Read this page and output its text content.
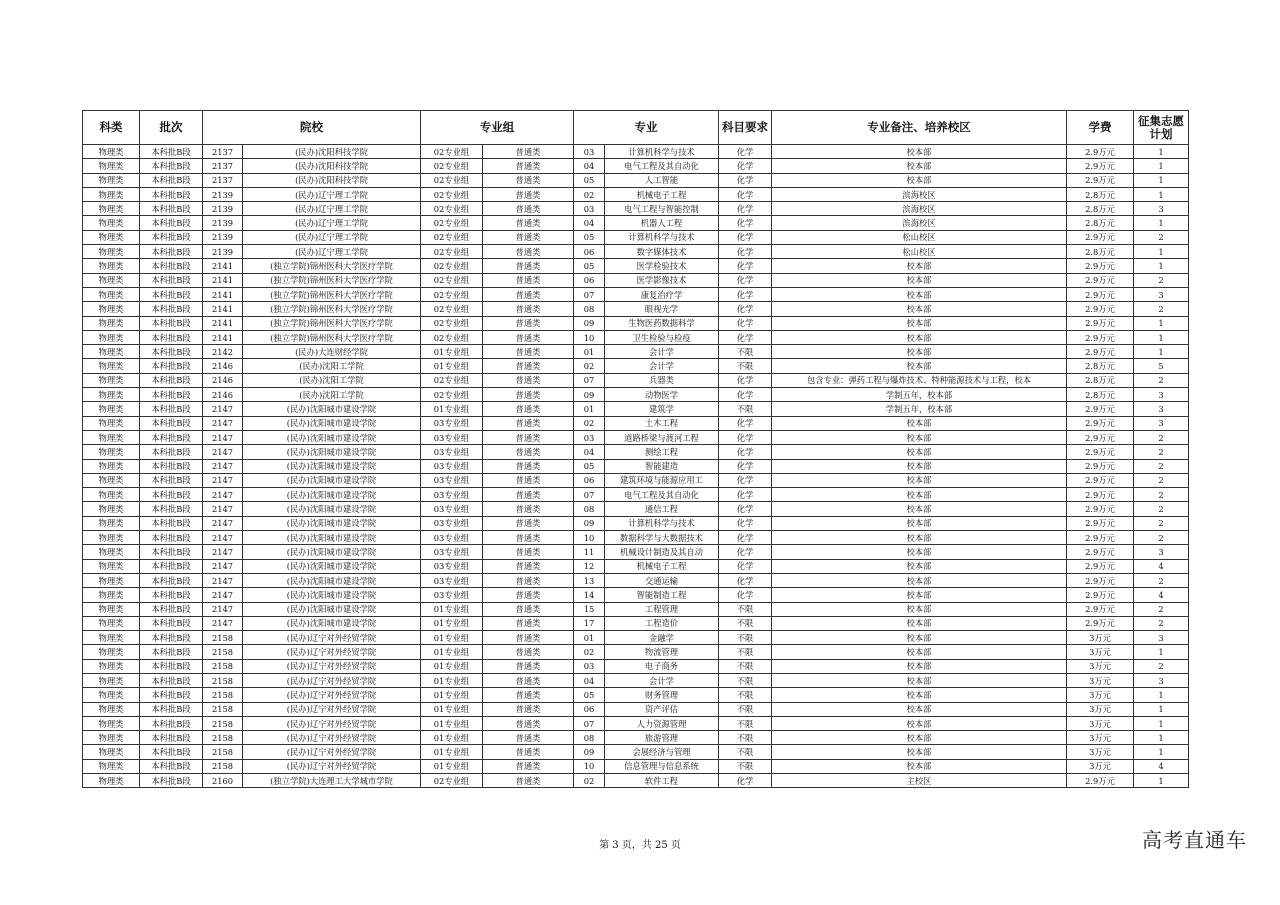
科类	批次	院校		专业组		专业		科目要求	专业备注、培养校区	学费	征集志愿计划
物理类	本科批B段	2137	(民办)沈阳科技学院	02专业组	普通类	03	计算机科学与技术	化学	校本部	2.9万元	1
物理类	本科批B段	2137	(民办)沈阳科技学院	02专业组	普通类	04	电气工程及其自动化	化学	校本部	2.9万元	1
物理类	本科批B段	2137	(民办)沈阳科技学院	02专业组	普通类	05	人工智能	化学	校本部	2.9万元	1
物理类	本科批B段	2139	(民办)辽宁理工学院	02专业组	普通类	02	机械电子工程	化学	滨海校区	2.8万元	1
物理类	本科批B段	2139	(民办)辽宁理工学院	02专业组	普通类	03	电气工程与智能控制	化学	滨海校区	2.8万元	3
物理类	本科批B段	2139	(民办)辽宁理工学院	02专业组	普通类	04	机器人工程	化学	滨海校区	2.8万元	1
物理类	本科批B段	2139	(民办)辽宁理工学院	02专业组	普通类	05	计算机科学与技术	化学	松山校区	2.9万元	2
物理类	本科批B段	2139	(民办)辽宁理工学院	02专业组	普通类	06	数字媒体技术	化学	松山校区	2.8万元	1
物理类	本科批B段	2141	(独立学院)锦州医科大学医疗学院	02专业组	普通类	05	医学检验技术	化学	校本部	2.9万元	1
物理类	本科批B段	2141	(独立学院)锦州医科大学医疗学院	02专业组	普通类	06	医学影像技术	化学	校本部	2.9万元	2
物理类	本科批B段	2141	(独立学院)锦州医科大学医疗学院	02专业组	普通类	07	康复治疗学	化学	校本部	2.9万元	3
物理类	本科批B段	2141	(独立学院)锦州医科大学医疗学院	02专业组	普通类	08	眼视光学	化学	校本部	2.9万元	2
物理类	本科批B段	2141	(独立学院)锦州医科大学医疗学院	02专业组	普通类	09	生物医药数据科学	化学	校本部	2.9万元	1
物理类	本科批B段	2141	(独立学院)锦州医科大学医疗学院	02专业组	普通类	10	卫生检验与检疫	化学	校本部	2.9万元	1
物理类	本科批B段	2142	(民办)大连财经学院	01专业组	普通类	01	会计学	不限	校本部	2.9万元	1
物理类	本科批B段	2146	(民办)沈阳工学院	01专业组	普通类	02	会计学	不限	校本部	2.8万元	5
物理类	本科批B段	2146	(民办)沈阳工学院	02专业组	普通类	07	兵器类	化学	包含专业：弹药工程与爆炸技术、特种能源技术与工程，校本	2.8万元	2
物理类	本科批B段	2146	(民办)沈阳工学院	02专业组	普通类	09	动物医学	化学	学制五年，校本部	2.8万元	3
物理类	本科批B段	2147	(民办)沈阳城市建设学院	01专业组	普通类	01	建筑学	不限	学制五年，校本部	2.9万元	3
物理类	本科批B段	2147	(民办)沈阳城市建设学院	03专业组	普通类	02	土木工程	化学	校本部	2.9万元	3
物理类	本科批B段	2147	(民办)沈阳城市建设学院	03专业组	普通类	03	道路桥梁与渡河工程	化学	校本部	2.9万元	2
物理类	本科批B段	2147	(民办)沈阳城市建设学院	03专业组	普通类	04	测绘工程	化学	校本部	2.9万元	2
物理类	本科批B段	2147	(民办)沈阳城市建设学院	03专业组	普通类	05	智能建造	化学	校本部	2.9万元	2
物理类	本科批B段	2147	(民办)沈阳城市建设学院	03专业组	普通类	06	建筑环境与能源应用工	化学	校本部	2.9万元	2
物理类	本科批B段	2147	(民办)沈阳城市建设学院	03专业组	普通类	07	电气工程及其自动化	化学	校本部	2.9万元	2
物理类	本科批B段	2147	(民办)沈阳城市建设学院	03专业组	普通类	08	通信工程	化学	校本部	2.9万元	2
物理类	本科批B段	2147	(民办)沈阳城市建设学院	03专业组	普通类	09	计算机科学与技术	化学	校本部	2.9万元	2
物理类	本科批B段	2147	(民办)沈阳城市建设学院	03专业组	普通类	10	数据科学与大数据技术	化学	校本部	2.9万元	2
物理类	本科批B段	2147	(民办)沈阳城市建设学院	03专业组	普通类	11	机械设计制造及其自动	化学	校本部	2.9万元	3
物理类	本科批B段	2147	(民办)沈阳城市建设学院	03专业组	普通类	12	机械电子工程	化学	校本部	2.9万元	4
物理类	本科批B段	2147	(民办)沈阳城市建设学院	03专业组	普通类	13	交通运输	化学	校本部	2.9万元	2
物理类	本科批B段	2147	(民办)沈阳城市建设学院	03专业组	普通类	14	智能制造工程	化学	校本部	2.9万元	4
物理类	本科批B段	2147	(民办)沈阳城市建设学院	01专业组	普通类	15	工程管理	不限	校本部	2.9万元	2
物理类	本科批B段	2147	(民办)沈阳城市建设学院	01专业组	普通类	17	工程造价	不限	校本部	2.9万元	2
物理类	本科批B段	2158	(民办)辽宁对外经贸学院	01专业组	普通类	01	金融学	不限	校本部	3万元	3
物理类	本科批B段	2158	(民办)辽宁对外经贸学院	01专业组	普通类	02	物流管理	不限	校本部	3万元	1
物理类	本科批B段	2158	(民办)辽宁对外经贸学院	01专业组	普通类	03	电子商务	不限	校本部	3万元	2
物理类	本科批B段	2158	(民办)辽宁对外经贸学院	01专业组	普通类	04	会计学	不限	校本部	3万元	3
物理类	本科批B段	2158	(民办)辽宁对外经贸学院	01专业组	普通类	05	财务管理	不限	校本部	3万元	1
物理类	本科批B段	2158	(民办)辽宁对外经贸学院	01专业组	普通类	06	资产评估	不限	校本部	3万元	1
物理类	本科批B段	2158	(民办)辽宁对外经贸学院	01专业组	普通类	07	人力资源管理	不限	校本部	3万元	1
物理类	本科批B段	2158	(民办)辽宁对外经贸学院	01专业组	普通类	08	旅游管理	不限	校本部	3万元	1
物理类	本科批B段	2158	(民办)辽宁对外经贸学院	01专业组	普通类	09	会展经济与管理	不限	校本部	3万元	1
物理类	本科批B段	2158	(民办)辽宁对外经贸学院	01专业组	普通类	10	信息管理与信息系统	不限	校本部	3万元	4
物理类	本科批B段	2160	(独立学院)大连理工大学城市学院	02专业组	普通类	02	软件工程	化学	主校区	2.9万元	1
第 3 页，共 25 页	高考直通车
